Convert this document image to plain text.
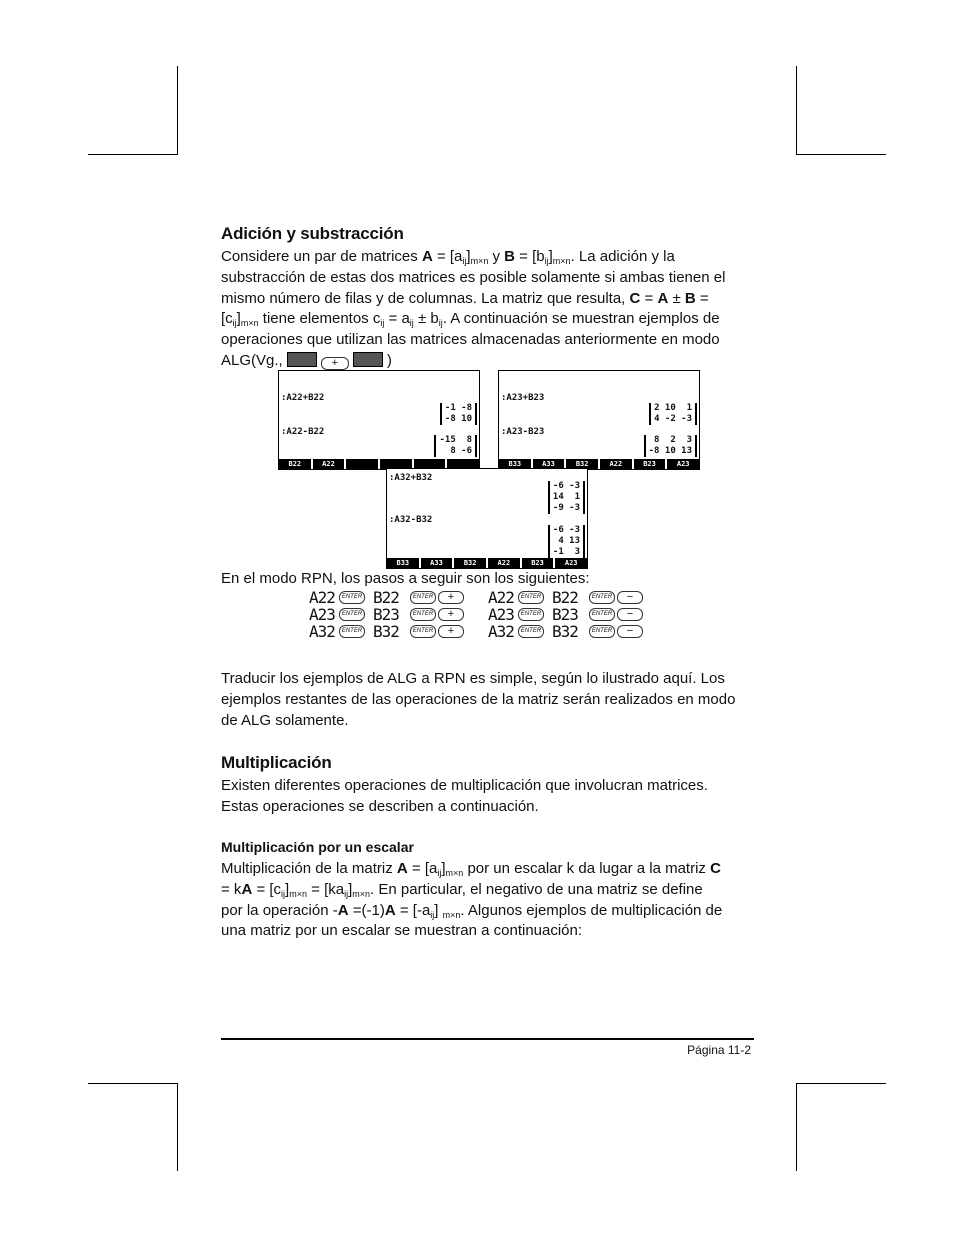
Adición y substracción
Considere un par de matrices $A = [a_{ij}]_{m\times n}$ y $B = [b_{ij}]_{m\times n}$. La adición y la
substracción de estas dos matrices es posible solamente si ambas tienen el
mismo número de filas y de columnas. La matriz que resulta, C = A ± B =
$[c_{ij}]_{m\times n}$ tiene elementos $c_{ij} = a_{ij} \pm b_{ij}$. A continuación se muestran ejemplos de
operaciones que utilizan las matrices almacenadas anteriormente en modo
ALG(Vg.,	+	)
:A22+B22
-1 -8
-8 10
:A22-B22
-15  8
8 -6
B22	A22
:A23+B23
2 10  1
4 -2 -3
:A23-B23
8  2  3
-8 10 13
B33	A33	B32	A22	B23	A23
:A32+B32
-6 -3
14  1
-9 -3
:A32-B32
-6 -3
4 13
-1  3
B33	A33	B32	A22	B23	A23
En el modo RPN, los pasos a seguir son los siguientes:
A22	ENTER B22	ENTER	+	A22	ENTER B22	ENTER	−
A23	ENTER B23	ENTER	+	A23	ENTER B23	ENTER	−
A32	ENTER B32	ENTER	+	A32	ENTER B32	ENTER	−
Traducir los ejemplos de ALG a RPN es simple, según lo ilustrado aquí. Los
ejemplos restantes de las operaciones de la matriz serán realizados en modo
de ALG solamente.
Multiplicación
Existen diferentes operaciones de multiplicación que involucran matrices.
Estas operaciones se describen a continuación.
Multiplicación por un escalar
Multiplicación de la matriz $A = [a_{ij}]_{m\times n}$ por un escalar k da lugar a la matriz C
= kA = $[c_{ij}]_{m\times n} = [ka_{ij}]_{m\times n}$. En particular, el negativo de una matriz se define
por la operación $-A =(-1)A = [-a_{ij}]$ $_{m\times n}$. Algunos ejemplos de multiplicación de
una matriz por un escalar se muestran a continuación:
Página 11-2
